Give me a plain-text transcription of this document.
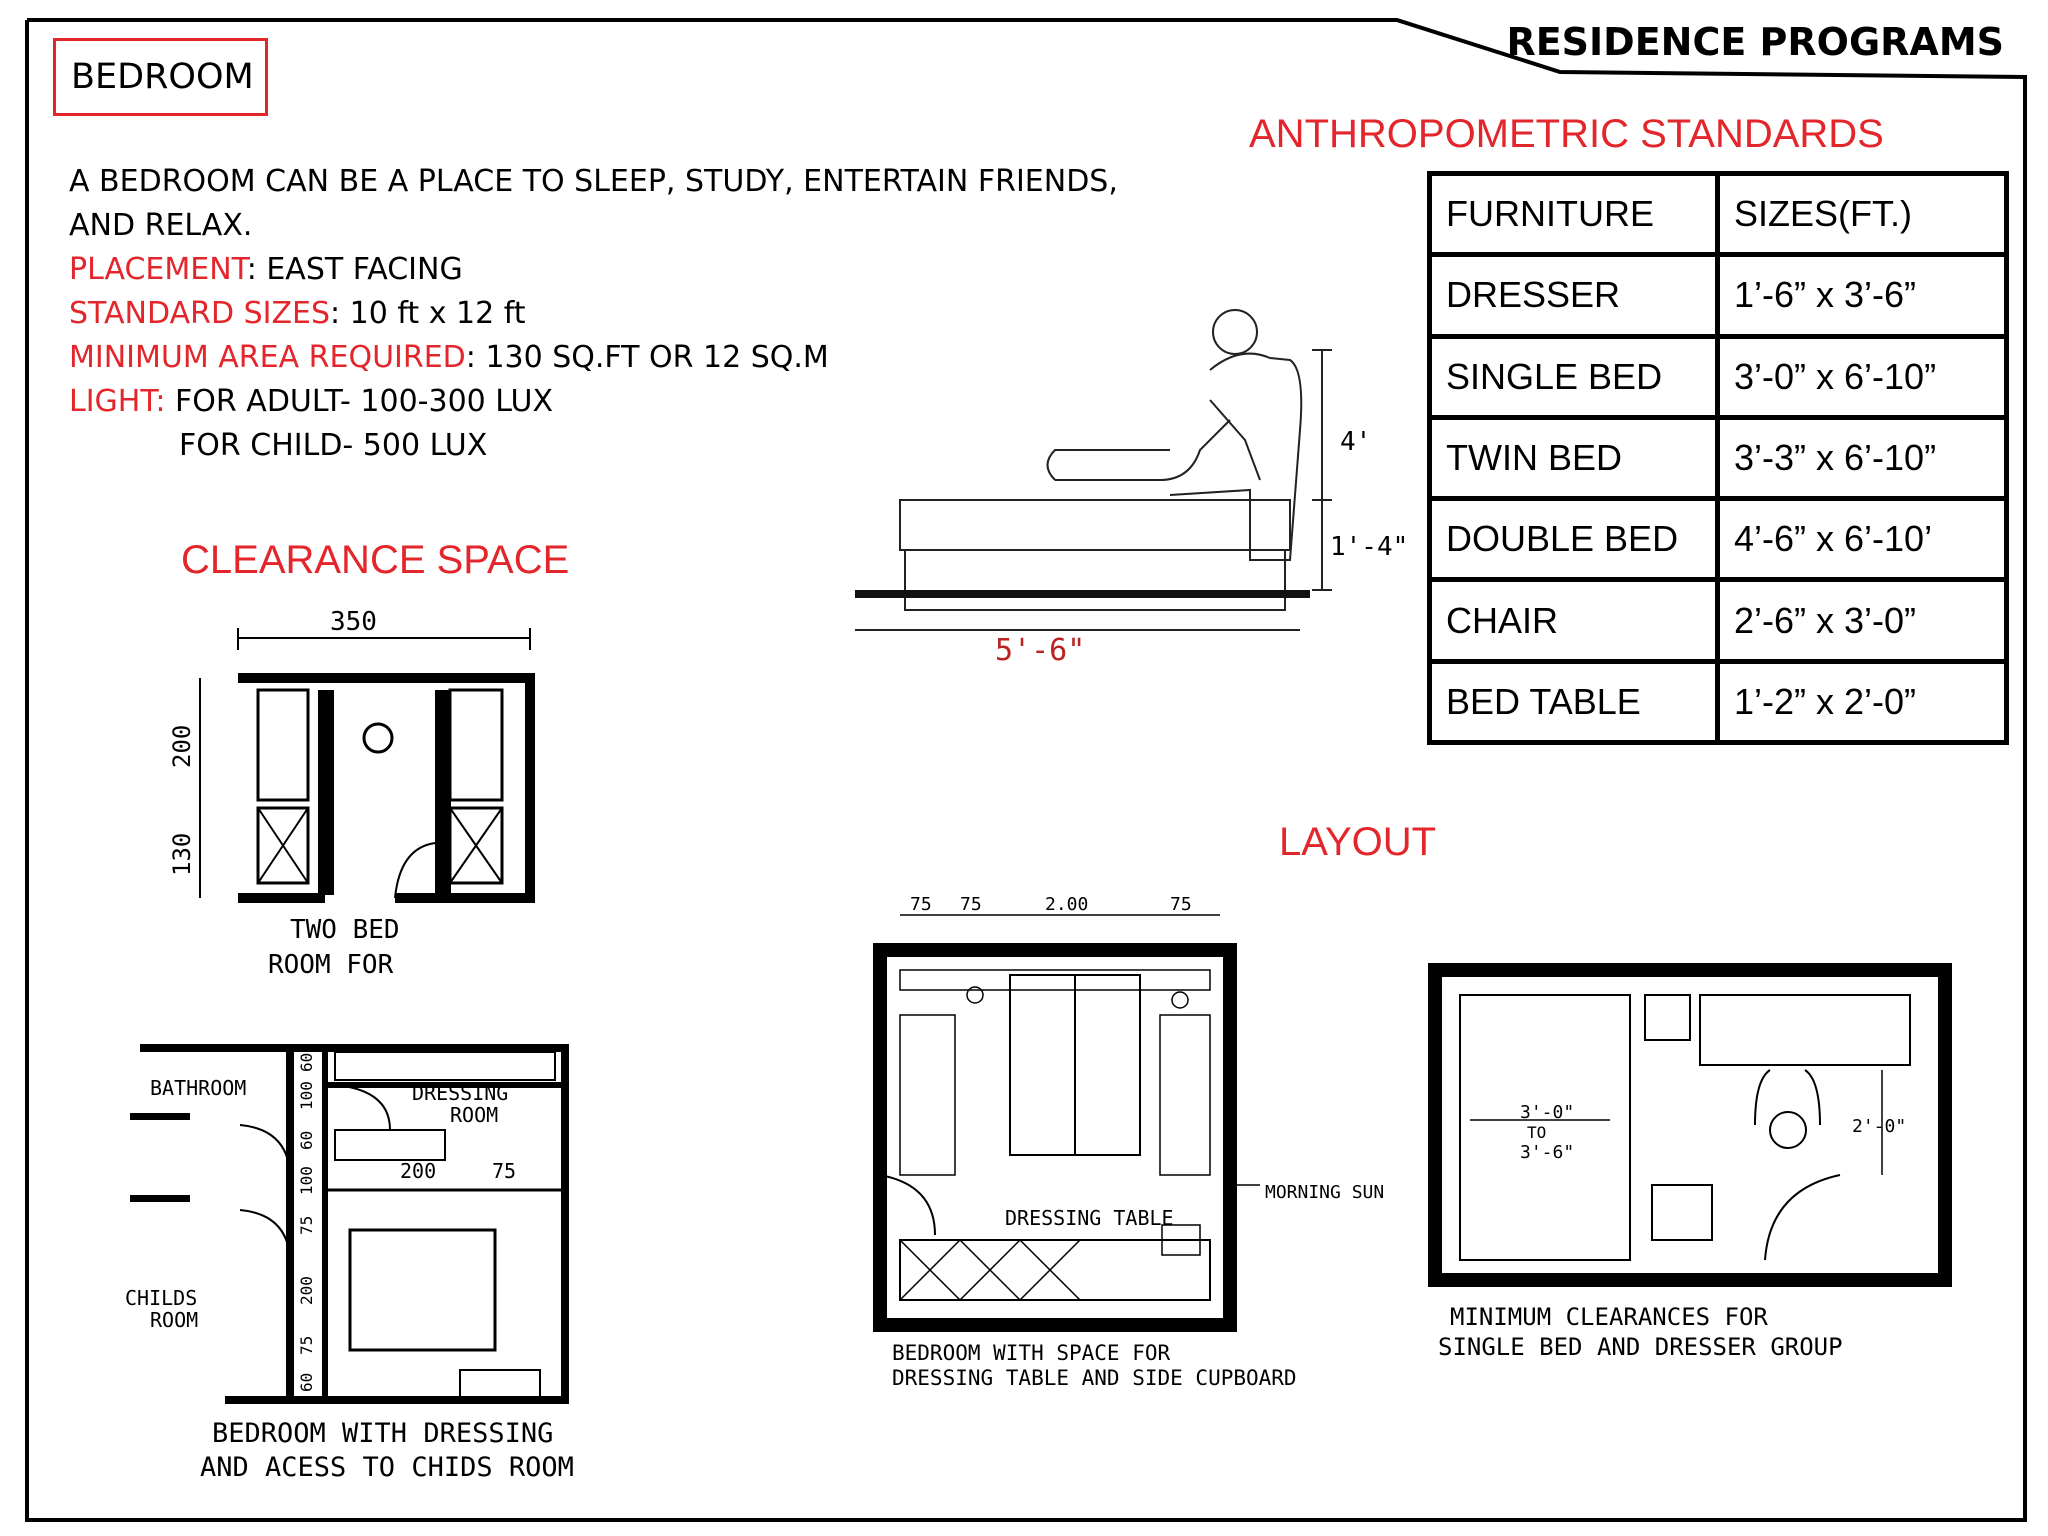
BEDROOM
RESIDENCE PROGRAMS
A BEDROOM CAN BE A PLACE TO SLEEP, STUDY, ENTERTAIN FRIENDS,
AND RELAX.
PLACEMENT: EAST FACING
STANDARD SIZES: 10 ft x 12 ft
MINIMUM AREA REQUIRED: 130 SQ.FT OR 12 SQ.M
LIGHT: FOR ADULT- 100-300 LUX
FOR CHILD- 500 LUX
CLEARANCE SPACE
ANTHROPOMETRIC STANDARDS
LAYOUT
FURNITURE	SIZES(FT.)
DRESSER	1’-6” x 3’-6”
SINGLE BED	3’-0” x 6’-10”
TWIN BED	3’-3” x 6’-10”
DOUBLE BED	4’-6” x 6’-10’
CHAIR	2’-6” x 3’-0”
BED TABLE	1’-2” x 2’-0”
4'
1'-4"
5'-6"
350
200
130
TWO BED
ROOM FOR
BATHROOM	DRESSING
ROOM
CHILDS
ROOM
200	75
60
100
60
100
75
200
75
60
BEDROOM WITH DRESSING
AND ACESS TO CHIDS ROOM
75 75	2.00	75
DRESSING TABLE
MORNING SUN
BEDROOM WITH SPACE FOR
DRESSING TABLE AND SIDE CUPBOARD
3'-0"
TO
3'-6"
2'-0"
MINIMUM CLEARANCES FOR
SINGLE BED AND DRESSER GROUP
